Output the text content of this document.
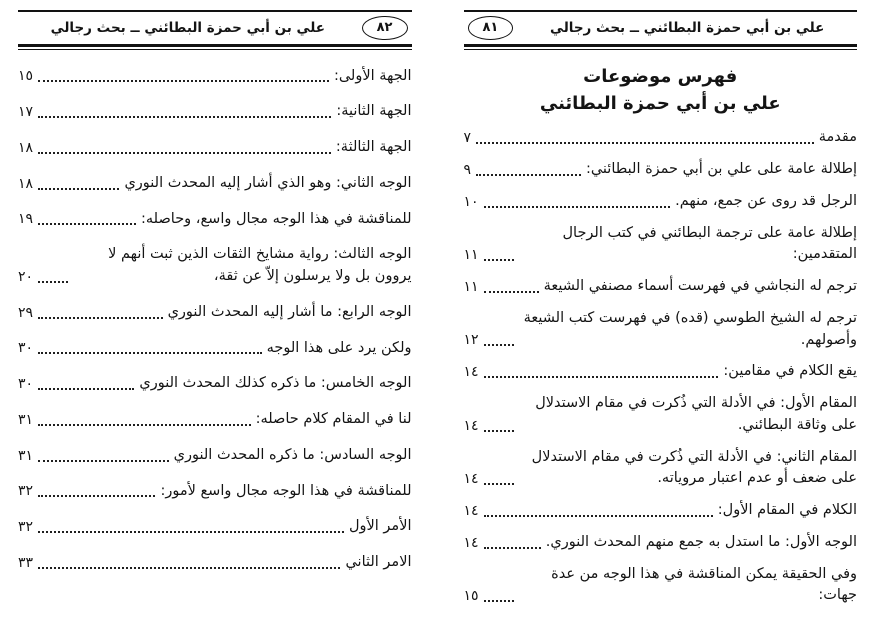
علي بن أبي حمزة البطائني ــ بحث رجالي
٨١
فهرس موضوعات
علي بن أبي حمزة البطائني
مقدمة
٧
إطلالة عامة على علي بن أبي حمزة البطائني:
٩
الرجل قد روى عن جمع، منهم.
١٠
إطلالة عامة على ترجمة البطائني في كتب الرجال المتقدمين:
١١
ترجم له النجاشي في فهرست أسماء مصنفي الشيعة
١١
ترجم له الشيخ الطوسي (قده) في فهرست كتب الشيعة وأصولهم.
١٢
يقع الكلام في مقامين:
١٤
المقام الأول: في الأدلة التي ذُكرت في مقام الاستدلال على وثاقة البطائني.
١٤
المقام الثاني: في الأدلة التي ذُكرت في مقام الاستدلال على ضعف أو عدم اعتبار مروياته.
١٤
الكلام في المقام الأول:
١٤
الوجه الأول: ما استدل به جمع منهم المحدث النوري.
١٤
وفي الحقيقة يمكن المناقشة في هذا الوجه من عدة جهات:
١٥
٨٢
علي بن أبي حمزة البطائني ــ بحث رجالي
الجهة الأولى:
١٥
الجهة الثانية:
١٧
الجهة الثالثة:
١٨
الوجه الثاني: وهو الذي أشار إليه المحدث النوري
١٨
للمناقشة في هذا الوجه مجال واسع، وحاصله:
١٩
الوجه الثالث: رواية مشايخ الثقات الذين ثبت أنهم لا يروون بل ولا يرسلون إلاّ عن ثقة،
٢٠
الوجه الرابع: ما أشار إليه المحدث النوري
٢٩
ولكن يرد على هذا الوجه
٣٠
الوجه الخامس: ما ذكره كذلك المحدث النوري
٣٠
لنا في المقام كلام حاصله:
٣١
الوجه السادس: ما ذكره المحدث النوري
٣١
للمناقشة في هذا الوجه مجال واسع لأمور:
٣٢
الأمر الأول
٣٢
الامر الثاني
٣٣
